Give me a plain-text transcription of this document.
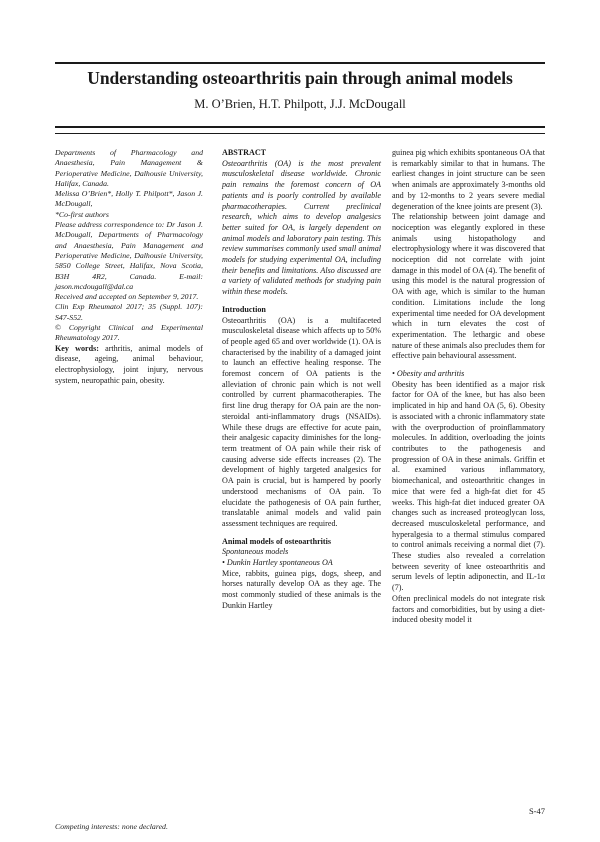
Understanding osteoarthritis pain through animal models
M. O’Brien, H.T. Philpott, J.J. McDougall

Departments of Pharmacology and Anaesthesia, Pain Management & Perioperative Medicine, Dalhousie University, Halifax, Canada.

Melissa O’Brien*, Holly T. Philpott*, Jason J. McDougall,

*Co-first authors

Please address correspondence to: Dr Jason J. McDougall, Departments of Pharmacology and Anaesthesia, Pain Management and Perioperative Medicine, Dalhousie University, 5850 College Street, Halifax, Nova Scotia, B3H 4R2, Canada. E-mail: jason.mcdougall@dal.ca

Received and accepted on September 9, 2017.

Clin Exp Rheumatol 2017; 35 (Suppl. 107): S47-S52.

© Copyright Clinical and Experimental Rheumatology 2017.

Key words: arthritis, animal models of disease, ageing, animal behaviour, electrophysiology, joint injury, nervous system, neuropathic pain, obesity.

ABSTRACT

Osteoarthritis (OA) is the most prevalent musculoskeletal disease worldwide. Chronic pain remains the foremost concern of OA patients and is poorly controlled by available pharmacotherapies. Current preclinical research, which aims to develop analgesics better suited for OA, is largely dependent on animal models and laboratory pain testing. This review summarises commonly used small animal models for studying experimental OA, including their benefits and limitations. Also discussed are a variety of validated methods for studying pain within these models.

Introduction

Osteoarthritis (OA) is a multifaceted musculoskeletal disease which affects up to 50% of people aged 65 and over worldwide (1). OA is characterised by the inability of a damaged joint to launch an effective healing response. The foremost concern of OA patients is the alleviation of chronic pain which is not well controlled by current pharmacotherapies. The first line drug therapy for OA pain are the non-steroidal anti-inflammatory drugs (NSAIDs). While these drugs are effective for acute pain, their analgesic capacity diminishes for the long-term treatment of OA pain while their risk of causing adverse side effects increases (2). The development of highly targeted analgesics for OA pain is crucial, but is hampered by poorly understood mechanisms of OA pain. To elucidate the pathogenesis of OA pain further, translatable animal models and valid pain assessment techniques are required.

Animal models of osteoarthritis

Spontaneous models

• Dunkin Hartley spontaneous OA

Mice, rabbits, guinea pigs, dogs, sheep, and horses naturally develop OA as they age. The most commonly studied of these animals is the Dunkin Hartley

guinea pig which exhibits spontaneous OA that is remarkably similar to that in humans. The earliest changes in joint structure can be seen when animals are approximately 3-months old and by 12-months to 2 years severe medial degeneration of the knee joints are present (3).

The relationship between joint damage and nociception was elegantly explored in these animals using histopathology and electrophysiology where it was discovered that nociception did not correlate with joint damage in this model of OA (4). The benefit of using this model is the natural progression of OA with age, which is similar to the human condition. Limitations include the long experimental time needed for OA development which in turn elevates the cost of experimentation. The lethargic and obese nature of these animals also precludes them for effective pain behavioural assessment.

• Obesity and arthritis

Obesity has been identified as a major risk factor for OA of the knee, but has also been implicated in hip and hand OA (5, 6). Obesity is associated with a chronic inflammatory state with the overproduction of proinflammatory molecules. In addition, overloading the joints contributes to the pathogenesis and progression of OA in these animals. Griffin et al. examined various inflammatory, biomechanical, and osteoarthritic changes in mice that were fed a high-fat diet for 45 weeks. This high-fat diet induced greater OA changes such as increased proteoglycan loss, decreased musculoskeletal performance, and hyperalgesia to a thermal stimulus compared to control animals receiving a normal diet (7). These studies also revealed a correlation between severity of knee osteoarthritis and serum levels of leptin adiponectin, and IL-1α (7).

Often preclinical models do not integrate risk factors and comorbidities, but by using a diet-induced obesity model it

Competing interests: none declared.
S-47
